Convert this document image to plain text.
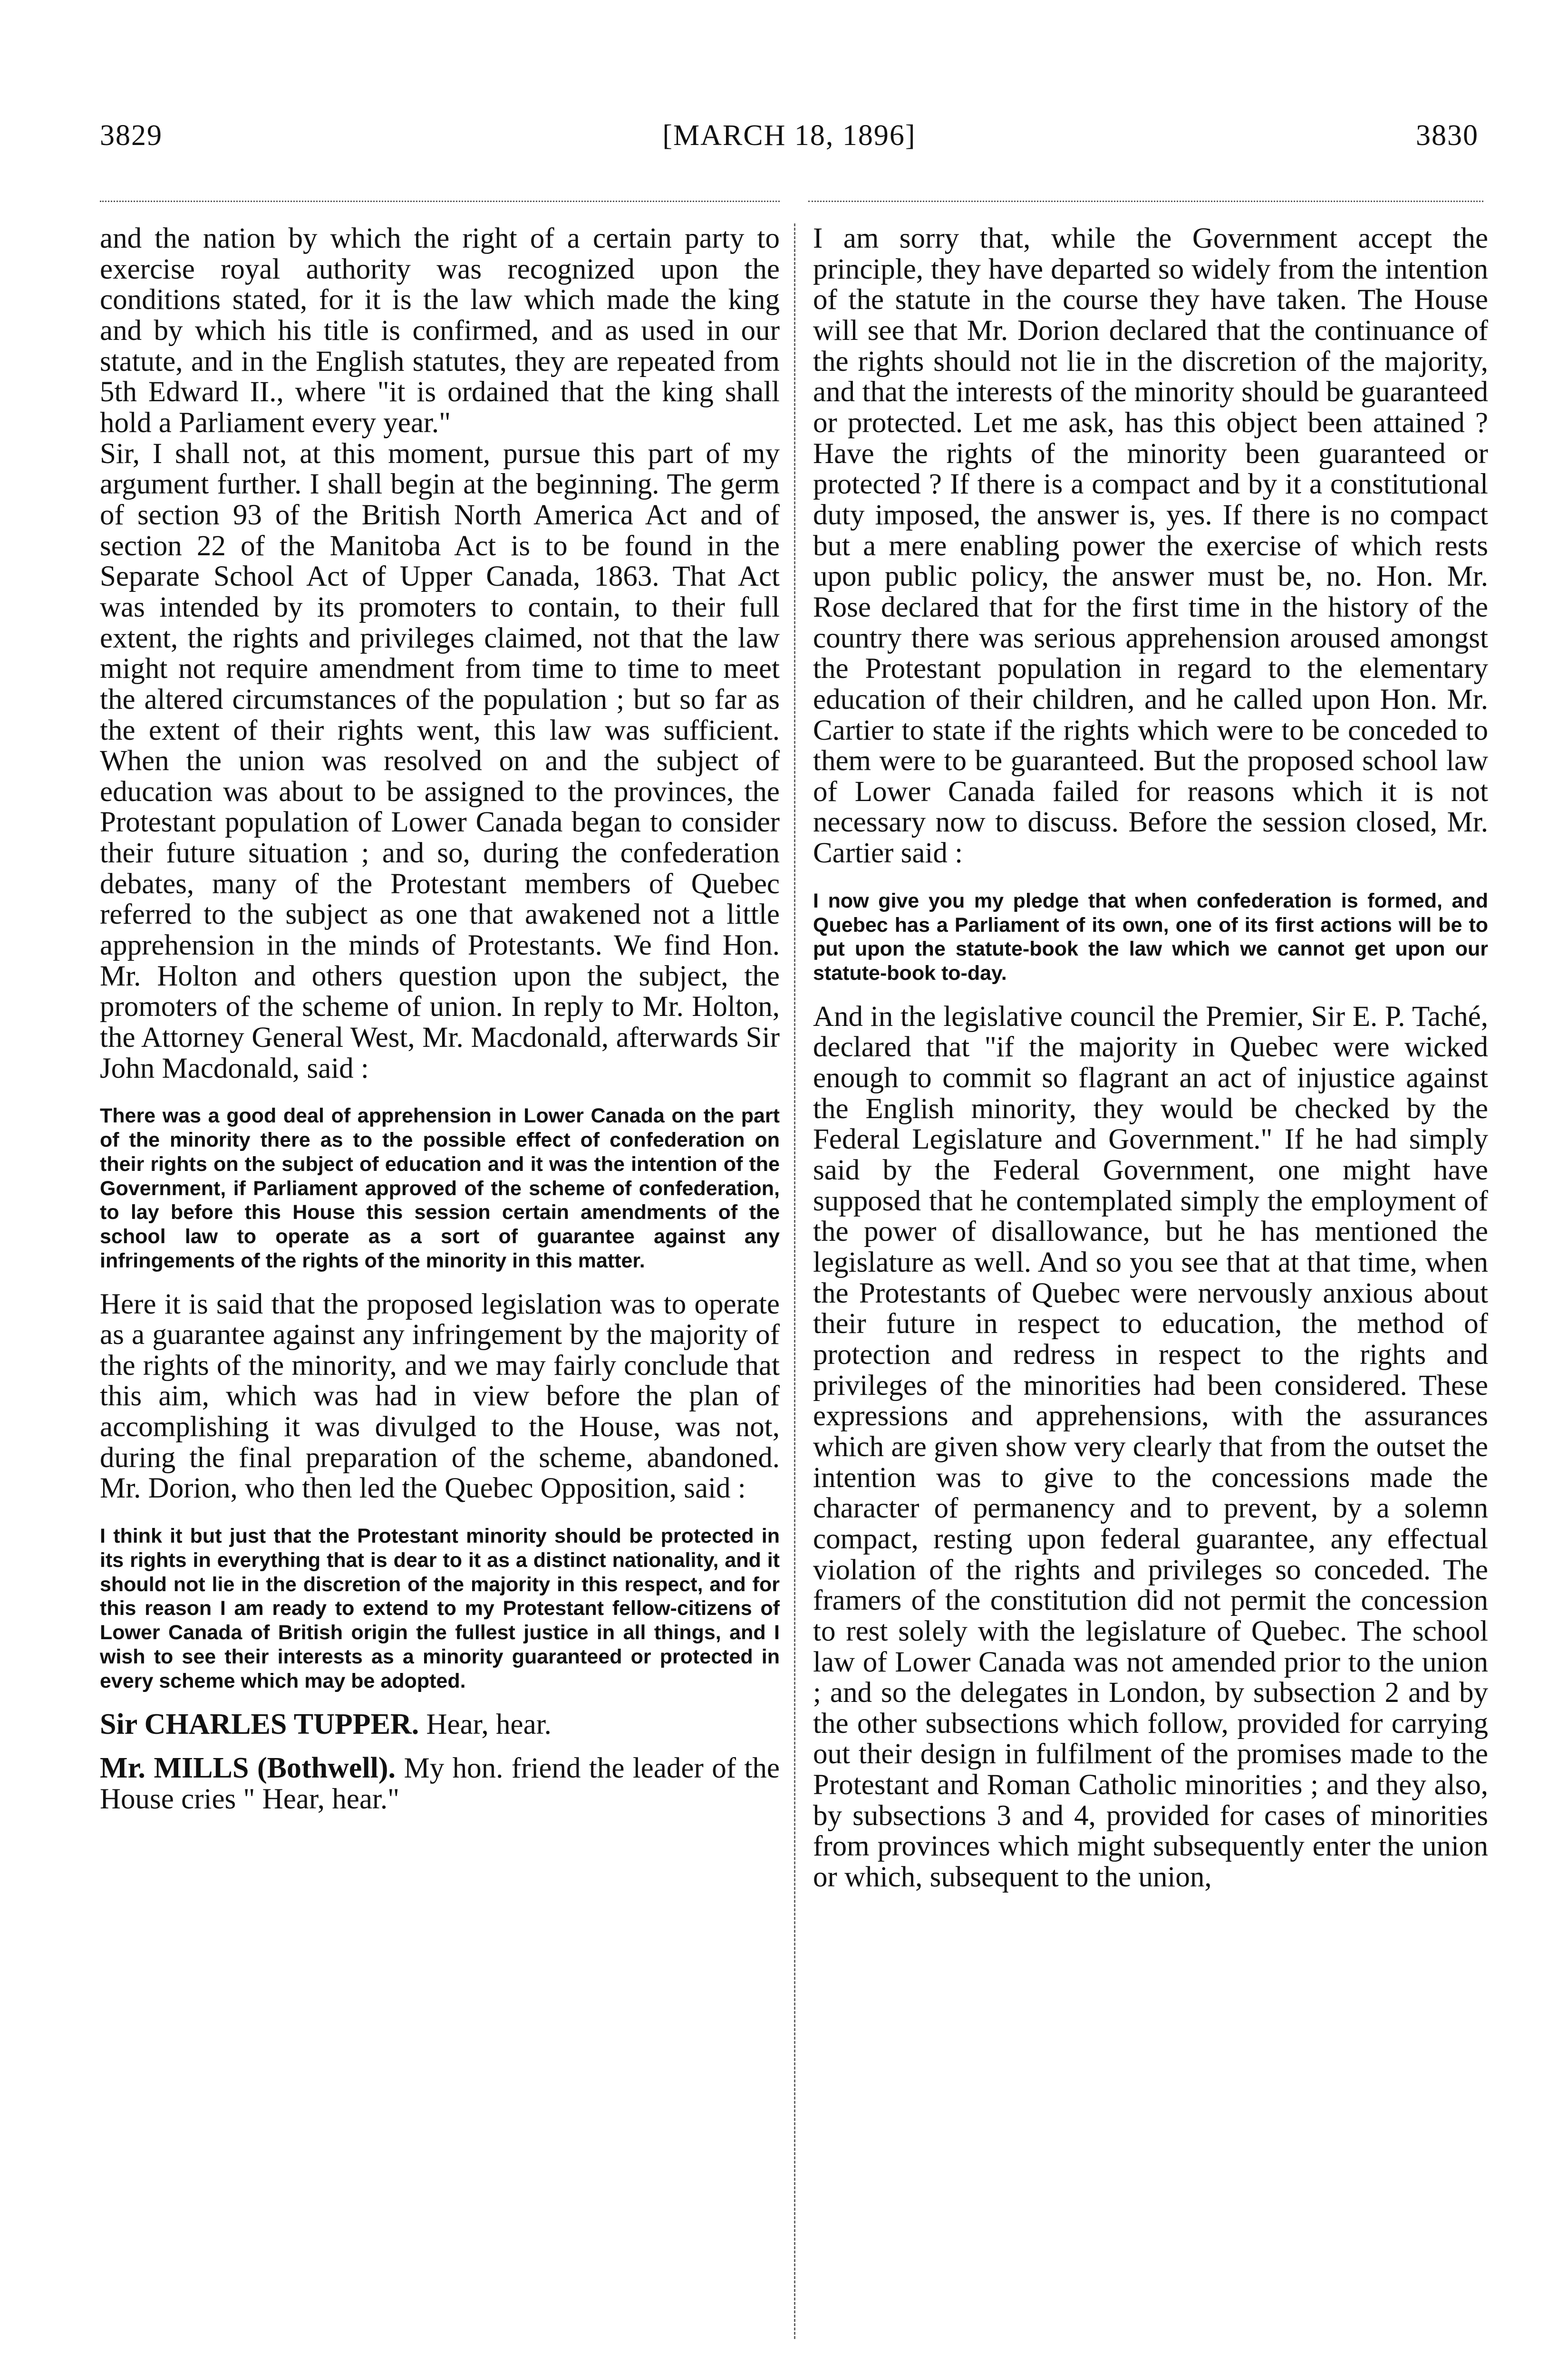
3829	[MARCH 18, 1896]	3830

and the nation by which the right of a certain party to exercise royal authority was recognized upon the conditions stated, for it is the law which made the king and by which his title is confirmed, and as used in our statute, and in the English statutes, they are repeated from 5th Edward II., where "it is ordained that the king shall hold a Parliament every year."

Sir, I shall not, at this moment, pursue this part of my argument further. I shall begin at the beginning. The germ of section 93 of the British North America Act and of section 22 of the Manitoba Act is to be found in the Separate School Act of Upper Canada, 1863. That Act was intended by its promoters to contain, to their full extent, the rights and privileges claimed, not that the law might not require amendment from time to time to meet the altered circumstances of the population ; but so far as the extent of their rights went, this law was sufficient. When the union was resolved on and the subject of education was about to be assigned to the provinces, the Protestant population of Lower Canada began to consider their future situation ; and so, during the confederation debates, many of the Protestant members of Quebec referred to the subject as one that awakened not a little apprehension in the minds of Protestants. We find Hon. Mr. Holton and others question upon the subject, the promoters of the scheme of union. In reply to Mr. Holton, the Attorney General West, Mr. Macdonald, afterwards Sir John Macdonald, said :

There was a good deal of apprehension in Lower Canada on the part of the minority there as to the possible effect of confederation on their rights on the subject of education and it was the intention of the Government, if Parliament approved of the scheme of confederation, to lay before this House this session certain amendments of the school law to operate as a sort of guarantee against any infringements of the rights of the minority in this matter.

Here it is said that the proposed legislation was to operate as a guarantee against any infringement by the majority of the rights of the minority, and we may fairly conclude that this aim, which was had in view before the plan of accomplishing it was divulged to the House, was not, during the final preparation of the scheme, abandoned. Mr. Dorion, who then led the Quebec Opposition, said :

I think it but just that the Protestant minority should be protected in its rights in everything that is dear to it as a distinct nationality, and it should not lie in the discretion of the majority in this respect, and for this reason I am ready to extend to my Protestant fellow-citizens of Lower Canada of British origin the fullest justice in all things, and I wish to see their interests as a minority guaranteed or protected in every scheme which may be adopted.

Sir CHARLES TUPPER. Hear, hear.

Mr. MILLS (Bothwell). My hon. friend the leader of the House cries " Hear, hear."

I am sorry that, while the Government accept the principle, they have departed so widely from the intention of the statute in the course they have taken. The House will see that Mr. Dorion declared that the continuance of the rights should not lie in the discretion of the majority, and that the interests of the minority should be guaranteed or protected. Let me ask, has this object been attained ? Have the rights of the minority been guaranteed or protected ? If there is a compact and by it a constitutional duty imposed, the answer is, yes. If there is no compact but a mere enabling power the exercise of which rests upon public policy, the answer must be, no. Hon. Mr. Rose declared that for the first time in the history of the country there was serious apprehension aroused amongst the Protestant population in regard to the elementary education of their children, and he called upon Hon. Mr. Cartier to state if the rights which were to be conceded to them were to be guaranteed. But the proposed school law of Lower Canada failed for reasons which it is not necessary now to discuss. Before the session closed, Mr. Cartier said :

I now give you my pledge that when confederation is formed, and Quebec has a Parliament of its own, one of its first actions will be to put upon the statute-book the law which we cannot get upon our statute-book to-day.

And in the legislative council the Premier, Sir E. P. Taché, declared that "if the majority in Quebec were wicked enough to commit so flagrant an act of injustice against the English minority, they would be checked by the Federal Legislature and Government." If he had simply said by the Federal Government, one might have supposed that he contemplated simply the employment of the power of disallowance, but he has mentioned the legislature as well. And so you see that at that time, when the Protestants of Quebec were nervously anxious about their future in respect to education, the method of protection and redress in respect to the rights and privileges of the minorities had been considered. These expressions and apprehensions, with the assurances which are given show very clearly that from the outset the intention was to give to the concessions made the character of permanency and to prevent, by a solemn compact, resting upon federal guarantee, any effectual violation of the rights and privileges so conceded. The framers of the constitution did not permit the concession to rest solely with the legislature of Quebec. The school law of Lower Canada was not amended prior to the union ; and so the delegates in London, by subsection 2 and by the other subsections which follow, provided for carrying out their design in fulfilment of the promises made to the Protestant and Roman Catholic minorities ; and they also, by subsections 3 and 4, provided for cases of minorities from provinces which might subsequently enter the union or which, subsequent to the union,
